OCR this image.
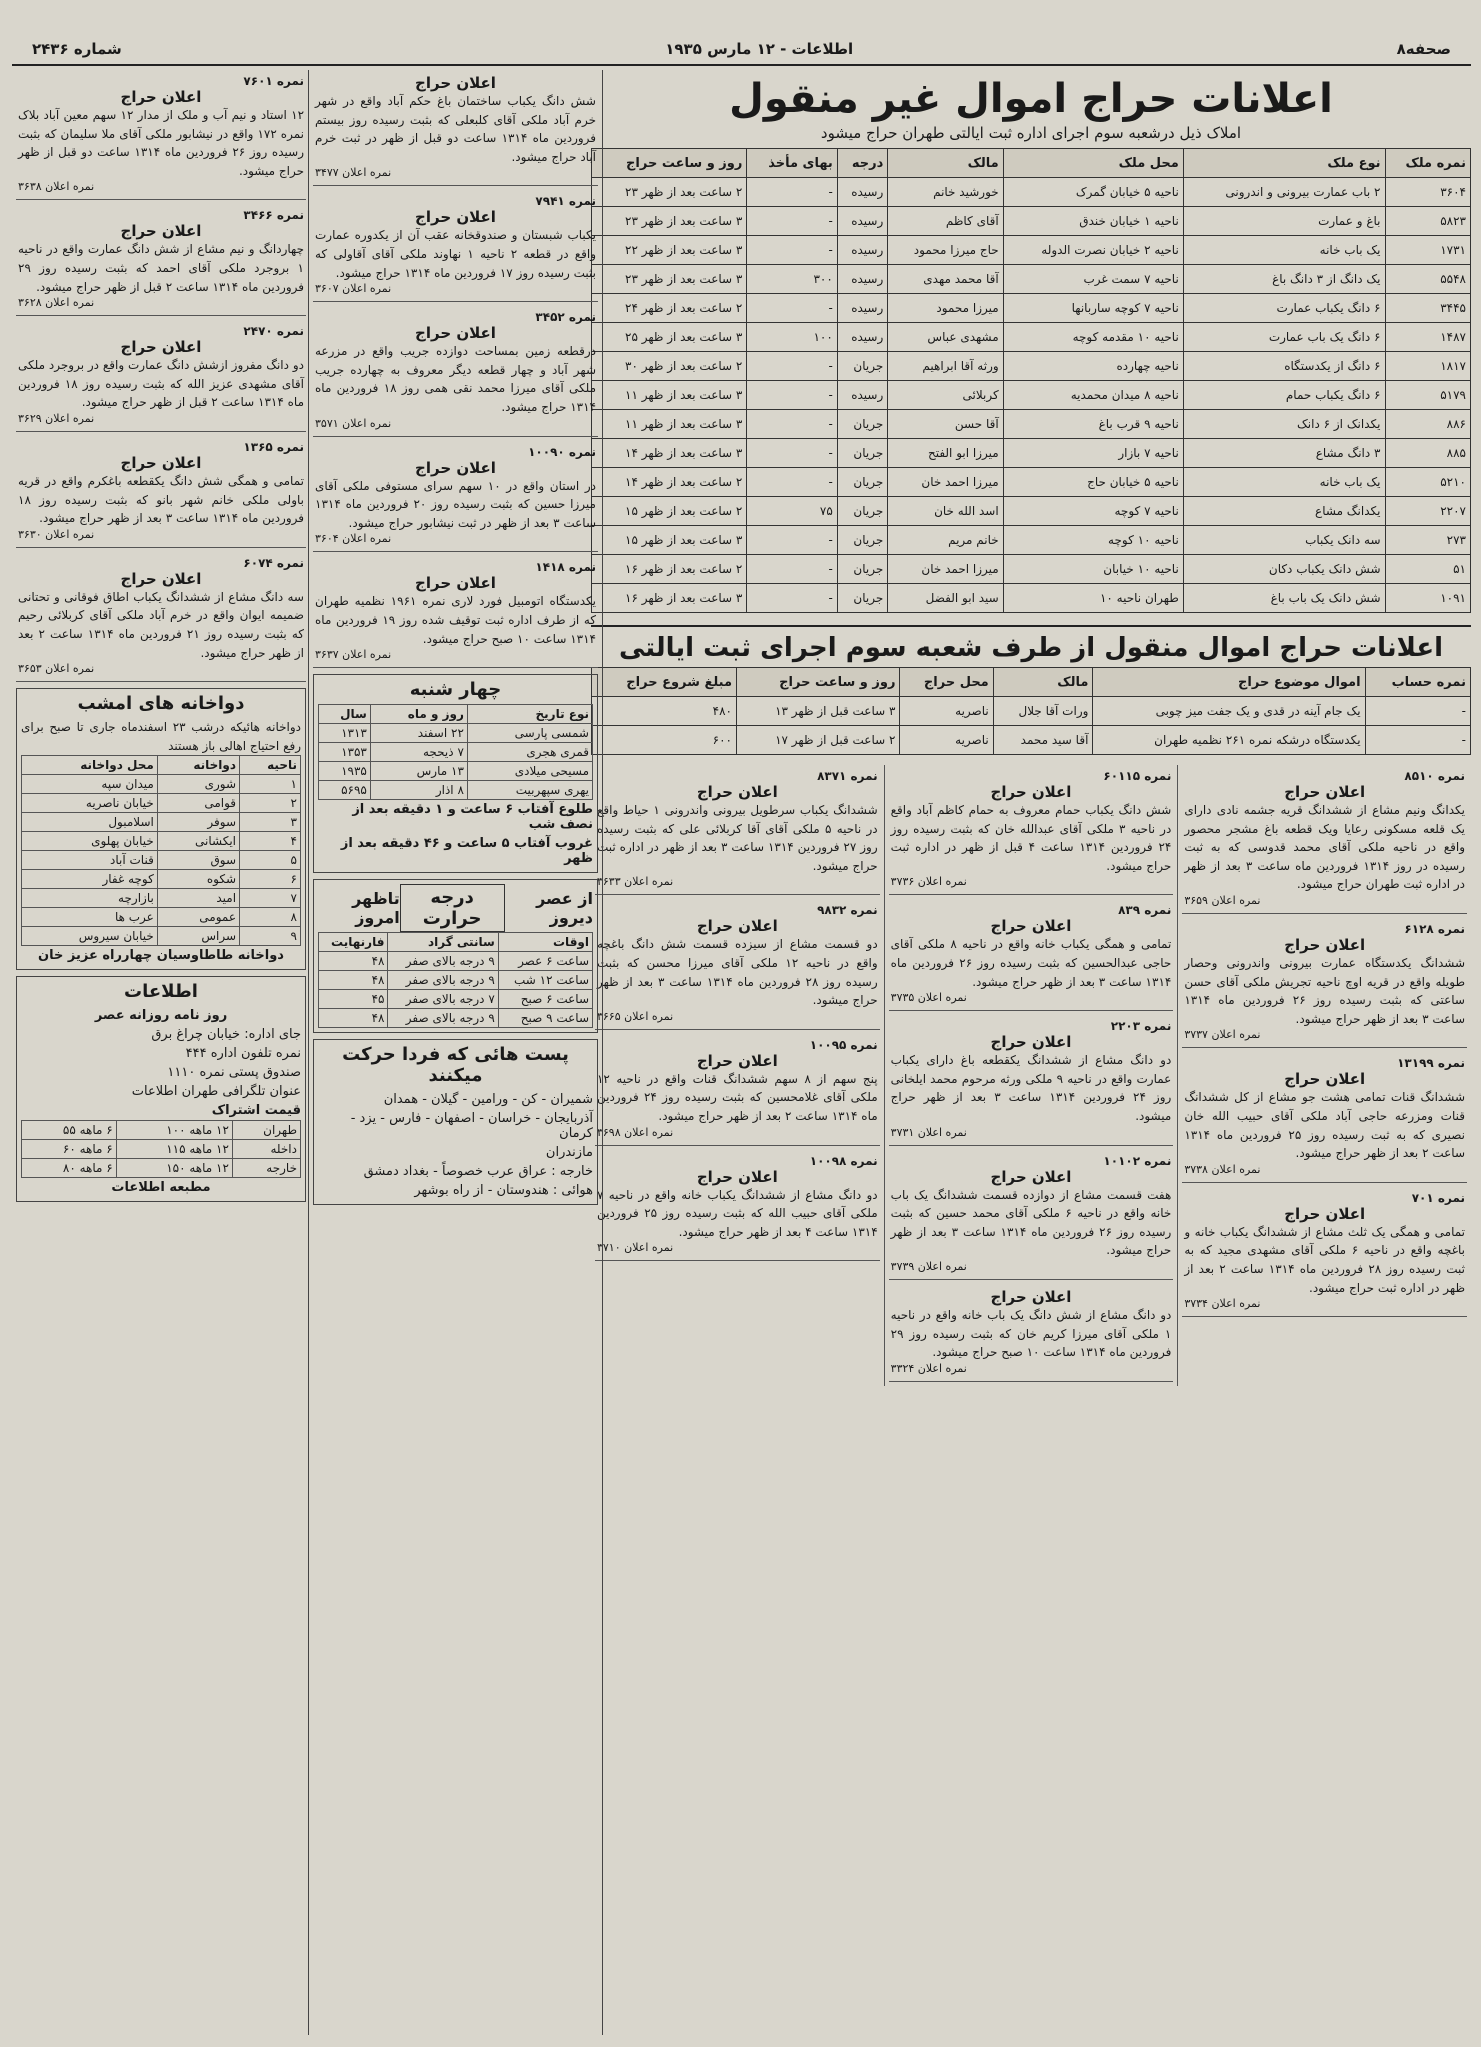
صحفه۸
اطلاعات - ۱۲ مارس ۱۹۳۵
شماره ۲۴۳۶
اعلانات حراج اموال غیر منقول
املاک ذیل درشعبه سوم اجرای اداره ثبت ایالتی طهران حراج میشود
نمره ملک	نوع ملک	محل ملک	مالک	درجه	بهای مأخذ	روز و ساعت حراج
۳۶۰۴	۲ باب عمارت بیرونی و اندرونی	ناحیه ۵ خیابان گمرک	خورشید خانم	رسیده	-	۲ ساعت بعد از ظهر ۲۳
۵۸۲۳	باغ و عمارت	ناحیه ۱ خیابان خندق	آقای کاظم	رسیده	-	۳ ساعت بعد از ظهر ۲۳
۱۷۳۱	یک باب خانه	ناحیه ۲ خیابان نصرت الدوله	حاج میرزا محمود	رسیده	-	۳ ساعت بعد از ظهر ۲۲
۵۵۴۸	یک دانگ از ۳ دانگ باغ	ناحیه ۷ سمت غرب	آقا محمد مهدی	رسیده	۳۰۰	۳ ساعت بعد از ظهر ۲۳
۳۴۴۵	۶ دانگ یکباب عمارت	ناحیه ۷ کوچه ساربانها	میرزا محمود	رسیده	-	۲ ساعت بعد از ظهر ۲۴
۱۴۸۷	۶ دانگ یک باب عمارت	ناحیه ۱۰ مقدمه کوچه	مشهدی عباس	رسیده	۱۰۰	۳ ساعت بعد از ظهر ۲۵
۱۸۱۷	۶ دانگ از یکدستگاه	ناحیه چهارده	ورثه آقا ابراهیم	جریان	-	۲ ساعت بعد از ظهر ۳۰
۵۱۷۹	۶ دانگ یکباب حمام	ناحیه ۸ میدان محمدیه	کربلائی	رسیده	-	۳ ساعت بعد از ظهر ۱۱
۸۸۶	یکدانک از ۶ دانک	ناحیه ۹ قرب باغ	آقا حسن	جریان	-	۳ ساعت بعد از ظهر ۱۱
۸۸۵	۳ دانگ مشاع	ناحیه ۷ بازار	میرزا ابو الفتح	جریان	-	۳ ساعت بعد از ظهر ۱۴
۵۲۱۰	یک باب خانه	ناحیه ۵ خیابان حاج	میرزا احمد خان	جریان	-	۲ ساعت بعد از ظهر ۱۴
۲۲۰۷	یکدانگ مشاع	ناحیه ۷ کوچه	اسد الله خان	جریان	۷۵	۲ ساعت بعد از ظهر ۱۵
۲۷۳	سه دانک یکباب	ناحیه ۱۰ کوچه	خانم مریم	جریان	-	۳ ساعت بعد از ظهر ۱۵
۵۱	شش دانک یکباب دکان	ناحیه ۱۰ خیابان	میرزا احمد خان	جریان	-	۲ ساعت بعد از ظهر ۱۶
۱۰۹۱	شش دانک یک باب باغ	طهران ناحیه ۱۰	سید ابو الفضل	جریان	-	۳ ساعت بعد از ظهر ۱۶
اعلانات حراج اموال منقول از طرف شعبه سوم اجرای ثبت ایالتی
نمره حساب	اموال موضوع حراج	مالک	محل حراج	روز و ساعت حراج	مبلغ شروع حراج
-	یک جام آینه در قدی و یک جفت میز چوبی	ورات آقا جلال	ناصریه	۳ ساعت قبل از ظهر ۱۳	۴۸۰
-	یکدستگاه درشکه نمره ۲۶۱ نظمیه طهران	آقا سید محمد	ناصریه	۲ ساعت قبل از ظهر ۱۷	۶۰۰
نمره ۸۵۱۰
اعلان حراج
یکدانگ ونیم مشاع از ششدانگ قریه جشمه نادی دارای یک قلعه مسکونی رعایا ویک قطعه باغ مشجر محصور واقع در ناحیه ملکی آقای محمد قدوسی که به ثبت رسیده در روز ۱۳۱۴ فروردین ماه ساعت ۳ بعد از ظهر در اداره ثبت طهران حراج میشود.
نمره اعلان ۳۶۵۹
نمره ۶۱۲۸
اعلان حراج
ششدانگ یکدستگاه عمارت بیرونی واندرونی وحصار طویله واقع در قریه اوچ ناحیه تجریش ملکی آقای حسن ساعتی که بثبت رسیده روز ۲۶ فروردین ماه ۱۳۱۴ ساعت ۳ بعد از ظهر حراج میشود.
نمره اعلان ۳۷۳۷
نمره ۱۳۱۹۹
اعلان حراج
ششدانگ قنات تمامی هشت جو مشاع از کل ششدانگ قنات ومزرعه حاجی آباد ملکی آقای حبیب الله خان نصیری که به ثبت رسیده روز ۲۵ فروردین ماه ۱۳۱۴ ساعت ۲ بعد از ظهر حراج میشود.
نمره اعلان ۳۷۳۸
نمره ۷۰۱
اعلان حراج
تمامی و همگی یک ثلث مشاع از ششدانگ یکباب خانه و باغچه واقع در ناحیه ۶ ملکی آقای مشهدی مجید که به ثبت رسیده روز ۲۸ فروردین ماه ۱۳۱۴ ساعت ۲ بعد از ظهر در اداره ثبت حراج میشود.
نمره اعلان ۳۷۳۴
نمره ۶۰۱۱۵
اعلان حراج
شش دانگ یکباب حمام معروف به حمام کاظم آباد واقع در ناحیه ۳ ملکی آقای عبدالله خان که بثبت رسیده روز ۲۴ فروردین ۱۳۱۴ ساعت ۴ قبل از ظهر در اداره ثبت حراج میشود.
نمره اعلان ۳۷۳۶
نمره ۸۳۹
اعلان حراج
تمامی و همگی یکباب خانه واقع در ناحیه ۸ ملکی آقای حاجی عبدالحسین که بثبت رسیده روز ۲۶ فروردین ماه ۱۳۱۴ ساعت ۳ بعد از ظهر حراج میشود.
نمره اعلان ۳۷۳۵
نمره ۲۲۰۳
اعلان حراج
دو دانگ مشاع از ششدانگ یکقطعه باغ دارای یکباب عمارت واقع در ناحیه ۹ ملکی ورثه مرحوم محمد ایلخانی روز ۲۴ فروردین ۱۳۱۴ ساعت ۳ بعد از ظهر حراج میشود.
نمره اعلان ۳۷۳۱
نمره ۱۰۱۰۲
اعلان حراج
هفت قسمت مشاع از دوازده قسمت ششدانگ یک باب خانه واقع در ناحیه ۶ ملکی آقای محمد حسین که بثبت رسیده روز ۲۶ فروردین ماه ۱۳۱۴ ساعت ۳ بعد از ظهر حراج میشود.
نمره اعلان ۳۷۳۹
اعلان حراج
دو دانگ مشاع از شش دانگ یک باب خانه واقع در ناحیه ۱ ملکی آقای میرزا کریم خان که بثبت رسیده روز ۲۹ فروردین ماه ۱۳۱۴ ساعت ۱۰ صبح حراج میشود.
نمره اعلان ۳۳۲۴
نمره ۸۳۷۱
اعلان حراج
ششدانگ یکباب سرطویل بیرونی واندرونی ۱ حیاط واقع در ناحیه ۵ ملکی آقای آقا کربلائی علی که بثبت رسیده روز ۲۷ فروردین ۱۳۱۴ ساعت ۳ بعد از ظهر در اداره ثبت حراج میشود.
نمره اعلان ۳۶۳۳
نمره ۹۸۳۲
اعلان حراج
دو قسمت مشاع از سیزده قسمت شش دانگ باغچه واقع در ناحیه ۱۲ ملکی آقای میرزا محسن که بثبت رسیده روز ۲۸ فروردین ماه ۱۳۱۴ ساعت ۳ بعد از ظهر حراج میشود.
نمره اعلان ۳۶۶۵
نمره ۱۰۰۹۵
اعلان حراج
پنج سهم از ۸ سهم ششدانگ قنات واقع در ناحیه ۱۲ ملکی آقای غلامحسین که بثبت رسیده روز ۲۴ فروردین ماه ۱۳۱۴ ساعت ۲ بعد از ظهر حراج میشود.
نمره اعلان ۳۶۹۸
نمره ۱۰۰۹۸
اعلان حراج
دو دانگ مشاع از ششدانگ یکباب خانه واقع در ناحیه ۷ ملکی آقای حبیب الله که بثبت رسیده روز ۲۵ فروردین ۱۳۱۴ ساعت ۴ بعد از ظهر حراج میشود.
نمره اعلان ۳۷۱۰
اعلان حراج
شش دانگ یکباب ساختمان باغ حکم آباد واقع در شهر خرم آباد ملکی آقای کلبعلی که بثبت رسیده روز بیستم فروردین ماه ۱۳۱۴ ساعت دو قبل از ظهر در ثبت خرم آباد حراج میشود.
نمره اعلان ۳۴۷۷
نمره ۷۹۴۱
اعلان حراج
یکباب شبستان و صندوقخانه عقب آن از یکدوره عمارت واقع در قطعه ۲ ناحیه ۱ نهاوند ملکی آقای آقاولی که بثبت رسیده روز ۱۷ فروردین ماه ۱۳۱۴ حراج میشود.
نمره اعلان ۳۶۰۷
نمره ۳۴۵۲
اعلان حراج
درقطعه زمین بمساحت دوازده جریب واقع در مزرعه شهر آباد و چهار قطعه دیگر معروف به چهارده جریب ملکی آقای میرزا محمد نقی همی روز ۱۸ فروردین ماه ۱۳۱۴ حراج میشود.
نمره اعلان ۳۵۷۱
نمره ۱۰۰۹۰
اعلان حراج
در استان واقع در ۱۰ سهم سرای مستوفی ملکی آقای میرزا حسین که بثبت رسیده روز ۲۰ فروردین ماه ۱۳۱۴ ساعت ۳ بعد از ظهر در ثبت نیشابور حراج میشود.
نمره اعلان ۳۶۰۴
نمره ۱۴۱۸
اعلان حراج
یکدستگاه اتومبیل فورد لاری نمره ۱۹۶۱ نظمیه طهران که از طرف اداره ثبت توقیف شده روز ۱۹ فروردین ماه ۱۳۱۴ ساعت ۱۰ صبح حراج میشود.
نمره اعلان ۳۶۳۷
چهار شنبه
نوع تاریخ	روز و ماه	سال
شمسی پارسی	۲۲ اسفند	۱۳۱۳
قمری هجری	۷ ذیحجه	۱۳۵۳
مسیحی میلادی	۱۳ مارس	۱۹۳۵
یهری سپهربیت	۸ اذار	۵۶۹۵
طلوع آفتاب ۶ ساعت و ۱ دقیقه بعد از نصف شب
غروب آفتاب ۵ ساعت و ۴۶ دقیقه بعد از ظهر
از عصر دیروز
درجه حرارت
تاظهر امروز
اوقات	سانتی گراد	فارنهایت
ساعت ۶ عصر	۹ درجه بالای صفر	۴۸
ساعت ۱۲ شب	۹ درجه بالای صفر	۴۸
ساعت ۶ صبح	۷ درجه بالای صفر	۴۵
ساعت ۹ صبح	۹ درجه بالای صفر	۴۸
پست هائی که فردا حرکت میکنند
شمیران - کن - ورامین - گیلان - همدان
آذربایجان - خراسان - اصفهان - فارس - یزد - کرمان
مازندران
خارجه : عراق عرب خصوصاً - بغداد دمشق
هوائی : هندوستان - از راه بوشهر
نمره ۷۶۰۱
اعلان حراج
۱۲ استاد و نیم آب و ملک از مدار ۱۲ سهم معین آباد بلاک نمره ۱۷۲ واقع در نیشابور ملکی آقای ملا سلیمان که بثبت رسیده روز ۲۶ فروردین ماه ۱۳۱۴ ساعت دو قبل از ظهر حراج میشود.
نمره اعلان ۳۶۳۸
نمره ۳۴۶۶
اعلان حراج
چهاردانگ و نیم مشاع از شش دانگ عمارت واقع در ناحیه ۱ بروجرد ملکی آقای احمد که بثبت رسیده روز ۲۹ فروردین ماه ۱۳۱۴ ساعت ۲ قبل از ظهر حراج میشود.
نمره اعلان ۳۶۲۸
نمره ۲۴۷۰
اعلان حراج
دو دانگ مفروز ازشش دانگ عمارت واقع در بروجرد ملکی آقای مشهدی عزیز الله که بثبت رسیده روز ۱۸ فروردین ماه ۱۳۱۴ ساعت ۲ قبل از ظهر حراج میشود.
نمره اعلان ۳۶۲۹
نمره ۱۳۶۵
اعلان حراج
تمامی و همگی شش دانگ یکقطعه باغکرم واقع در قریه باولی ملکی خانم شهر بانو که بثبت رسیده روز ۱۸ فروردین ماه ۱۳۱۴ ساعت ۳ بعد از ظهر حراج میشود.
نمره اعلان ۳۶۳۰
نمره ۶۰۷۴
اعلان حراج
سه دانگ مشاع از ششدانگ یکباب اطاق فوقانی و تحتانی ضمیمه ایوان واقع در خرم آباد ملکی آقای کربلائی رحیم که بثبت رسیده روز ۲۱ فروردین ماه ۱۳۱۴ ساعت ۲ بعد از ظهر حراج میشود.
نمره اعلان ۳۶۵۳
دواخانه های امشب
دواخانه هائیکه درشب ۲۳ اسفندماه جاری تا صبح برای رفع احتیاج اهالی باز هستند
ناحیه	دواخانه	محل دواخانه
۱	شوری	میدان سپه
۲	قوامی	خیابان ناصریه
۳	سوفر	اسلامبول
۴	ایکشانی	خیابان پهلوی
۵	سوق	قنات آباد
۶	شکوه	کوچه غفار
۷	امید	بازارچه
۸	عمومی	عرب ها
۹	سراس	خیابان سیروس
دواخانه طاطاوسیان چهارراه عزیز خان
اطلاعات
روز نامه روزانه عصر
جای اداره: خیابان چراغ برق
نمره تلفون اداره ۴۴۴
صندوق پستی نمره ۱۱۱۰
عنوان تلگرافی طهران اطلاعات
قیمت اشتراک
طهران	۱۲ ماهه ۱۰۰	۶ ماهه ۵۵
داخله	۱۲ ماهه ۱۱۵	۶ ماهه ۶۰
خارجه	۱۲ ماهه ۱۵۰	۶ ماهه ۸۰
مطبعه اطلاعات
